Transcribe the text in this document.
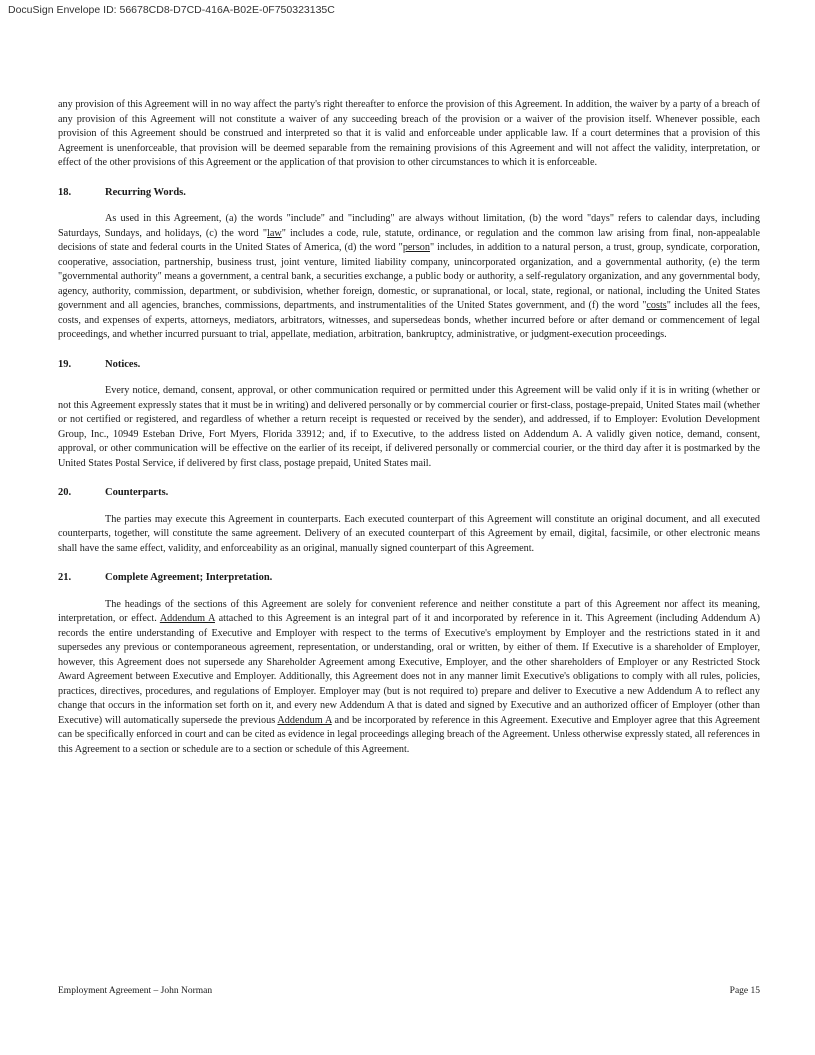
DocuSign Envelope ID: 56678CD8-D7CD-416A-B02E-0F750323135C

any provision of this Agreement will in no way affect the party's right thereafter to enforce the provision of this Agreement. In addition, the waiver by a party of a breach of any provision of this Agreement will not constitute a waiver of any succeeding breach of the provision or a waiver of the provision itself. Whenever possible, each provision of this Agreement should be construed and interpreted so that it is valid and enforceable under applicable law. If a court determines that a provision of this Agreement is unenforceable, that provision will be deemed separable from the remaining provisions of this Agreement and will not affect the validity, interpretation, or effect of the other provisions of this Agreement or the application of that provision to other circumstances to which it is enforceable.

18.	Recurring Words.

As used in this Agreement, (a) the words "include" and "including" are always without limitation, (b) the word "days" refers to calendar days, including Saturdays, Sundays, and holidays, (c) the word "law" includes a code, rule, statute, ordinance, or regulation and the common law arising from final, non-appealable decisions of state and federal courts in the United States of America, (d) the word "person" includes, in addition to a natural person, a trust, group, syndicate, corporation, cooperative, association, partnership, business trust, joint venture, limited liability company, unincorporated organization, and a governmental authority, (e) the term "governmental authority" means a government, a central bank, a securities exchange, a public body or authority, a self-regulatory organization, and any governmental body, agency, authority, commission, department, or subdivision, whether foreign, domestic, or supranational, or local, state, regional, or national, including the United States government and all agencies, branches, commissions, departments, and instrumentalities of the United States government, and (f) the word "costs" includes all the fees, costs, and expenses of experts, attorneys, mediators, arbitrators, witnesses, and supersedeas bonds, whether incurred before or after demand or commencement of legal proceedings, and whether incurred pursuant to trial, appellate, mediation, arbitration, bankruptcy, administrative, or judgment-execution proceedings.

19.	Notices.

Every notice, demand, consent, approval, or other communication required or permitted under this Agreement will be valid only if it is in writing (whether or not this Agreement expressly states that it must be in writing) and delivered personally or by commercial courier or first-class, postage-prepaid, United States mail (whether or not certified or registered, and regardless of whether a return receipt is requested or received by the sender), and addressed, if to Employer: Evolution Development Group, Inc., 10949 Esteban Drive, Fort Myers, Florida 33912; and, if to Executive, to the address listed on Addendum A. A validly given notice, demand, consent, approval, or other communication will be effective on the earlier of its receipt, if delivered personally or commercial courier, or the third day after it is postmarked by the United States Postal Service, if delivered by first class, postage prepaid, United States mail.

20.	Counterparts.

The parties may execute this Agreement in counterparts. Each executed counterpart of this Agreement will constitute an original document, and all executed counterparts, together, will constitute the same agreement. Delivery of an executed counterpart of this Agreement by email, digital, facsimile, or other electronic means shall have the same effect, validity, and enforceability as an original, manually signed counterpart of this Agreement.

21.	Complete Agreement; Interpretation.

The headings of the sections of this Agreement are solely for convenient reference and neither constitute a part of this Agreement nor affect its meaning, interpretation, or effect. Addendum A attached to this Agreement is an integral part of it and incorporated by reference in it. This Agreement (including Addendum A) records the entire understanding of Executive and Employer with respect to the terms of Executive's employment by Employer and the restrictions stated in it and supersedes any previous or contemporaneous agreement, representation, or understanding, oral or written, by either of them. If Executive is a shareholder of Employer, however, this Agreement does not supersede any Shareholder Agreement among Executive, Employer, and the other shareholders of Employer or any Restricted Stock Award Agreement between Executive and Employer. Additionally, this Agreement does not in any manner limit Executive's obligations to comply with all rules, policies, practices, directives, procedures, and regulations of Employer. Employer may (but is not required to) prepare and deliver to Executive a new Addendum A to reflect any change that occurs in the information set forth on it, and every new Addendum A that is dated and signed by Executive and an authorized officer of Employer (other than Executive) will automatically supersede the previous Addendum A and be incorporated by reference in this Agreement. Executive and Employer agree that this Agreement can be specifically enforced in court and can be cited as evidence in legal proceedings alleging breach of the Agreement. Unless otherwise expressly stated, all references in this Agreement to a section or schedule are to a section or schedule of this Agreement.

Employment Agreement – John Norman	Page 15
